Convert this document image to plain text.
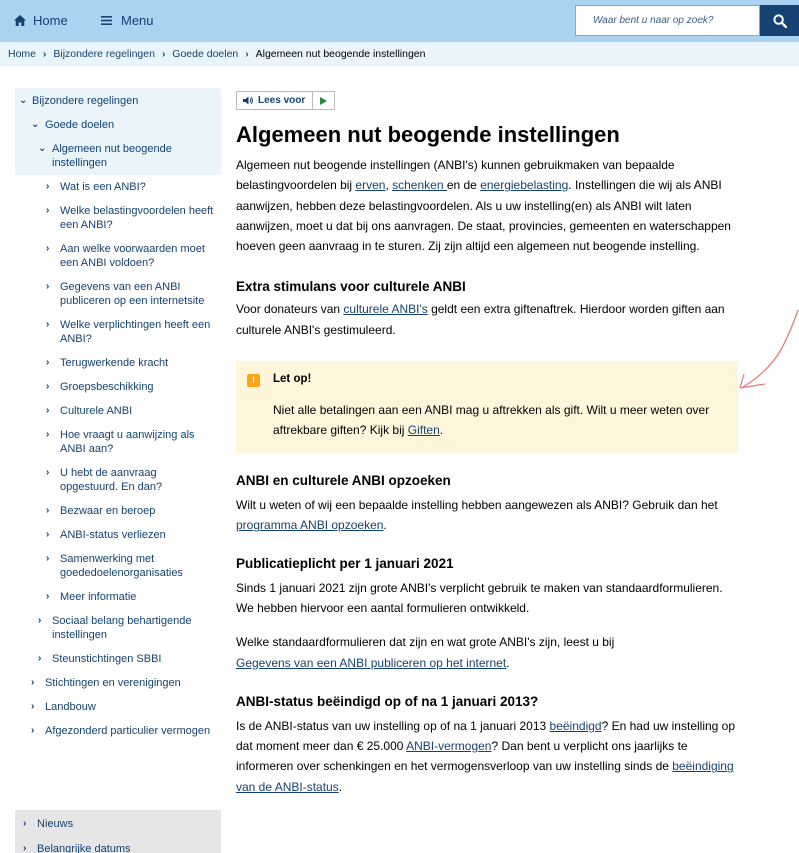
Home	Menu
Waar bent u naar op zoek?
Home › Bijzondere regelingen › Goede doelen › Algemeen nut beogende instellingen
⌄ Bijzondere regelingen
⌄ Goede doelen
⌄ Algemeen nut beogende instellingen
› Wat is een ANBI?
› Welke belastingvoordelen heeft een ANBI?
› Aan welke voorwaarden moet een ANBI voldoen?
› Gegevens van een ANBI publiceren op een internetsite
› Welke verplichtingen heeft een ANBI?
› Terugwerkende kracht
› Groepsbeschikking
› Culturele ANBI
› Hoe vraagt u aanwijzing als ANBI aan?
› U hebt de aanvraag opgestuurd. En dan?
› Bezwaar en beroep
› ANBI-status verliezen
› Samenwerking met goededoelenorganisaties
› Meer informatie
› Sociaal belang behartigende instellingen
› Steunstichtingen SBBI
› Stichtingen en verenigingen
› Landbouw
› Afgezonderd particulier vermogen
› Nieuws
› Belangrijke datums
Lees voor
Algemeen nut beogende instellingen

Algemeen nut beogende instellingen (ANBI's) kunnen gebruikmaken van bepaalde belastingvoordelen bij erven, schenken en de energiebelasting. Instellingen die wij als ANBI aanwijzen, hebben deze belastingvoordelen. Als u uw instelling(en) als ANBI wilt laten aanwijzen, moet u dat bij ons aanvragen. De staat, provincies, gemeenten en waterschappen hoeven geen aanvraag in te sturen. Zij zijn altijd een algemeen nut beogende instelling.

Extra stimulans voor culturele ANBI

Voor donateurs van culturele ANBI's geldt een extra giftenaftrek. Hierdoor worden giften aan culturele ANBI's gestimuleerd.

!	Let op!
Niet alle betalingen aan een ANBI mag u aftrekken als gift. Wilt u meer weten over aftrekbare giften? Kijk bij Giften.
ANBI en culturele ANBI opzoeken

Wilt u weten of wij een bepaalde instelling hebben aangewezen als ANBI? Gebruik dan het programma ANBI opzoeken.

Publicatieplicht per 1 januari 2021

Sinds 1 januari 2021 zijn grote ANBI's verplicht gebruik te maken van standaardformulieren. We hebben hiervoor een aantal formulieren ontwikkeld.

Welke standaardformulieren dat zijn en wat grote ANBI's zijn, leest u bij
Gegevens van een ANBI publiceren op het internet.

ANBI-status beëindigd op of na 1 januari 2013?

Is de ANBI-status van uw instelling op of na 1 januari 2013 beëindigd? En had uw instelling op dat moment meer dan € 25.000 ANBI-vermogen? Dan bent u verplicht ons jaarlijks te informeren over schenkingen en het vermogensverloop van uw instelling sinds de beëindiging van de ANBI-status.
